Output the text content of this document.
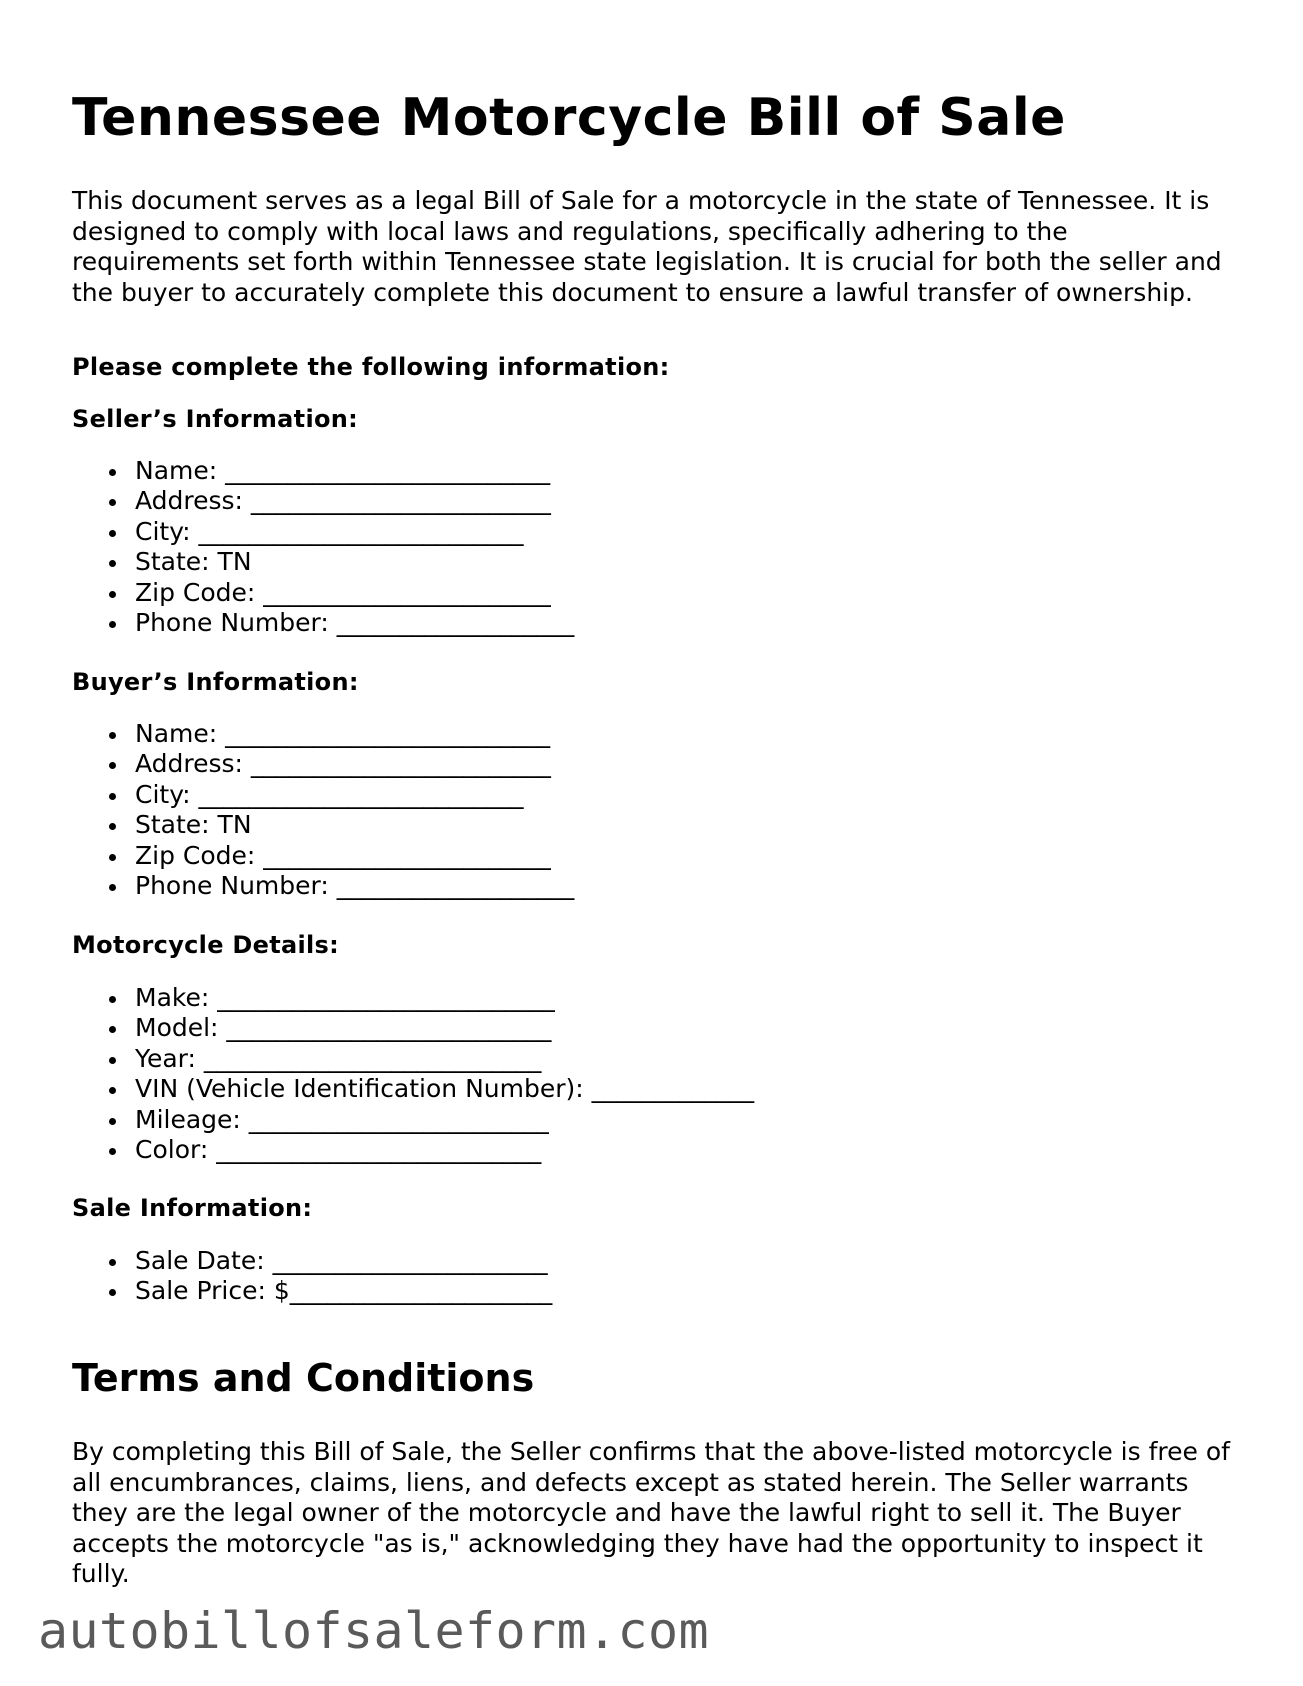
Tennessee Motorcycle Bill of Sale

This document serves as a legal Bill of Sale for a motorcycle in the state of Tennessee. It is designed to comply with local laws and regulations, specifically adhering to the requirements set forth within Tennessee state legislation. It is crucial for both the seller and the buyer to accurately complete this document to ensure a lawful transfer of ownership.

Please complete the following information:

Seller’s Information:

Name: __________________________
Address: ________________________
City: __________________________
State: TN
Zip Code: _______________________
Phone Number: ___________________

Buyer’s Information:

Name: __________________________
Address: ________________________
City: __________________________
State: TN
Zip Code: _______________________
Phone Number: ___________________

Motorcycle Details:

Make: ___________________________
Model: __________________________
Year: ___________________________
VIN (Vehicle Identification Number): _____________
Mileage: ________________________
Color: __________________________

Sale Information:

Sale Date: ______________________
Sale Price: $_____________________
Terms and Conditions

By completing this Bill of Sale, the Seller confirms that the above-listed motorcycle is free of all encumbrances, claims, liens, and defects except as stated herein. The Seller warrants they are the legal owner of the motorcycle and have the lawful right to sell it. The Buyer accepts the motorcycle "as is," acknowledging they have had the opportunity to inspect it fully.

autobillofsaleform.com
